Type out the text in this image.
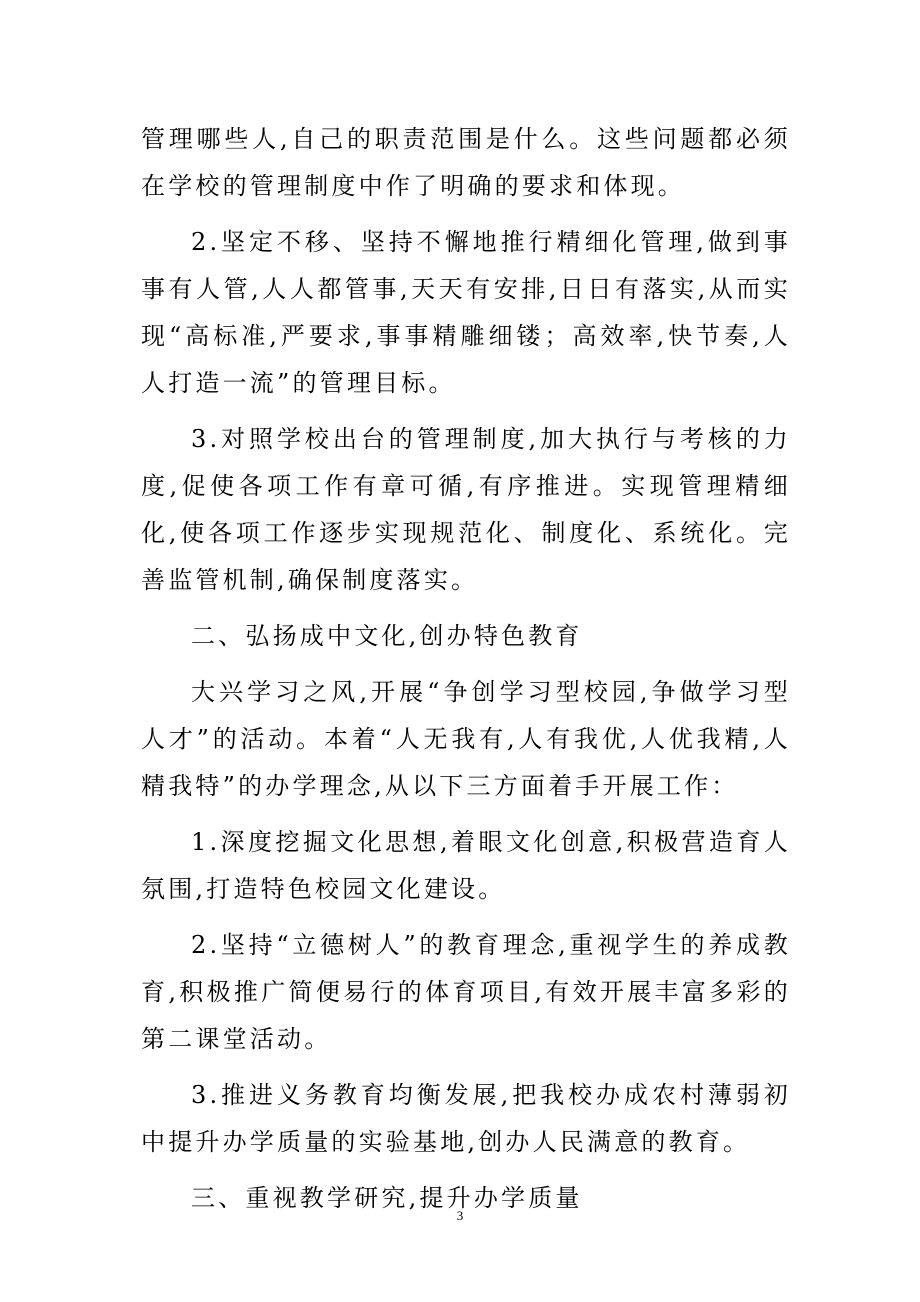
管理哪些人,自己的职责范围是什么。这些问题都必须在学校的管理制度中作了明确的要求和体现。

2.坚定不移、坚持不懈地推行精细化管理,做到事事有人管,人人都管事,天天有安排,日日有落实,从而实现“高标准,严要求,事事精雕细镂；高效率,快节奏,人人打造一流”的管理目标。

3.对照学校出台的管理制度,加大执行与考核的力度,促使各项工作有章可循,有序推进。实现管理精细化,使各项工作逐步实现规范化、制度化、系统化。完善监管机制,确保制度落实。

二、弘扬成中文化,创办特色教育

大兴学习之风,开展“争创学习型校园,争做学习型人才”的活动。本着“人无我有,人有我优,人优我精,人精我特”的办学理念,从以下三方面着手开展工作：

1.深度挖掘文化思想,着眼文化创意,积极营造育人氛围,打造特色校园文化建设。

2.坚持“立德树人”的教育理念,重视学生的养成教育,积极推广简便易行的体育项目,有效开展丰富多彩的第二课堂活动。

3.推进义务教育均衡发展,把我校办成农村薄弱初中提升办学质量的实验基地,创办人民满意的教育。

三、重视教学研究,提升办学质量

3
